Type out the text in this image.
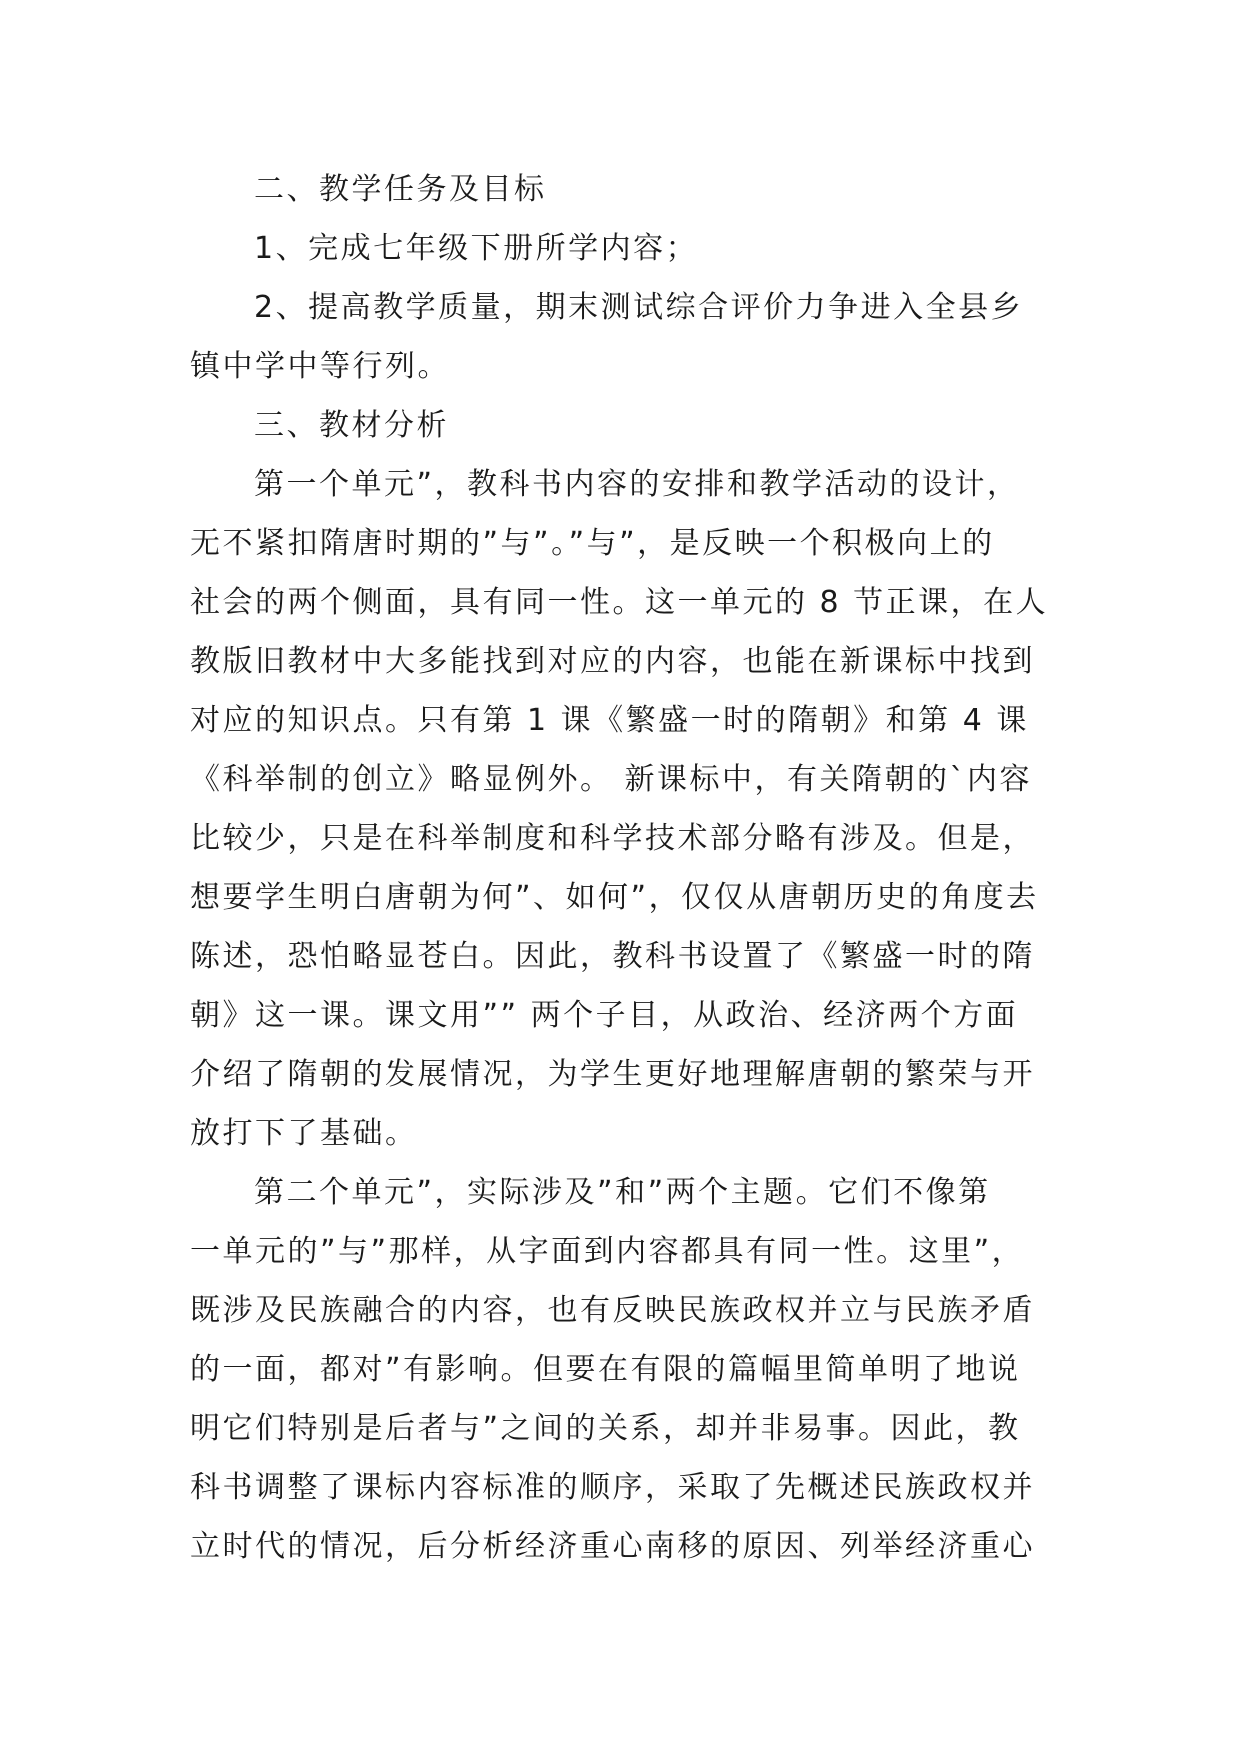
二、教学任务及目标
1、完成七年级下册所学内容；
2、提高教学质量，期末测试综合评价力争进入全县乡
镇中学中等行列。
三、教材分析
第一个单元”，教科书内容的安排和教学活动的设计，
无不紧扣隋唐时期的”与”。”与”，是反映一个积极向上的
社会的两个侧面，具有同一性。这一单元的 8 节正课，在人
教版旧教材中大多能找到对应的内容，也能在新课标中找到
对应的知识点。只有第 1 课《繁盛一时的隋朝》和第 4 课
《科举制的创立》略显例外。 新课标中，有关隋朝的`内容
比较少，只是在科举制度和科学技术部分略有涉及。但是，
想要学生明白唐朝为何”、如何”，仅仅从唐朝历史的角度去
陈述，恐怕略显苍白。因此，教科书设置了《繁盛一时的隋
朝》这一课。课文用”” 两个子目，从政治、经济两个方面
介绍了隋朝的发展情况，为学生更好地理解唐朝的繁荣与开
放打下了基础。
第二个单元”，实际涉及”和”两个主题。它们不像第
一单元的”与”那样，从字面到内容都具有同一性。这里”，
既涉及民族融合的内容，也有反映民族政权并立与民族矛盾
的一面，都对”有影响。但要在有限的篇幅里简单明了地说
明它们特别是后者与”之间的关系，却并非易事。因此，教
科书调整了课标内容标准的顺序，采取了先概述民族政权并
立时代的情况，后分析经济重心南移的原因、列举经济重心
